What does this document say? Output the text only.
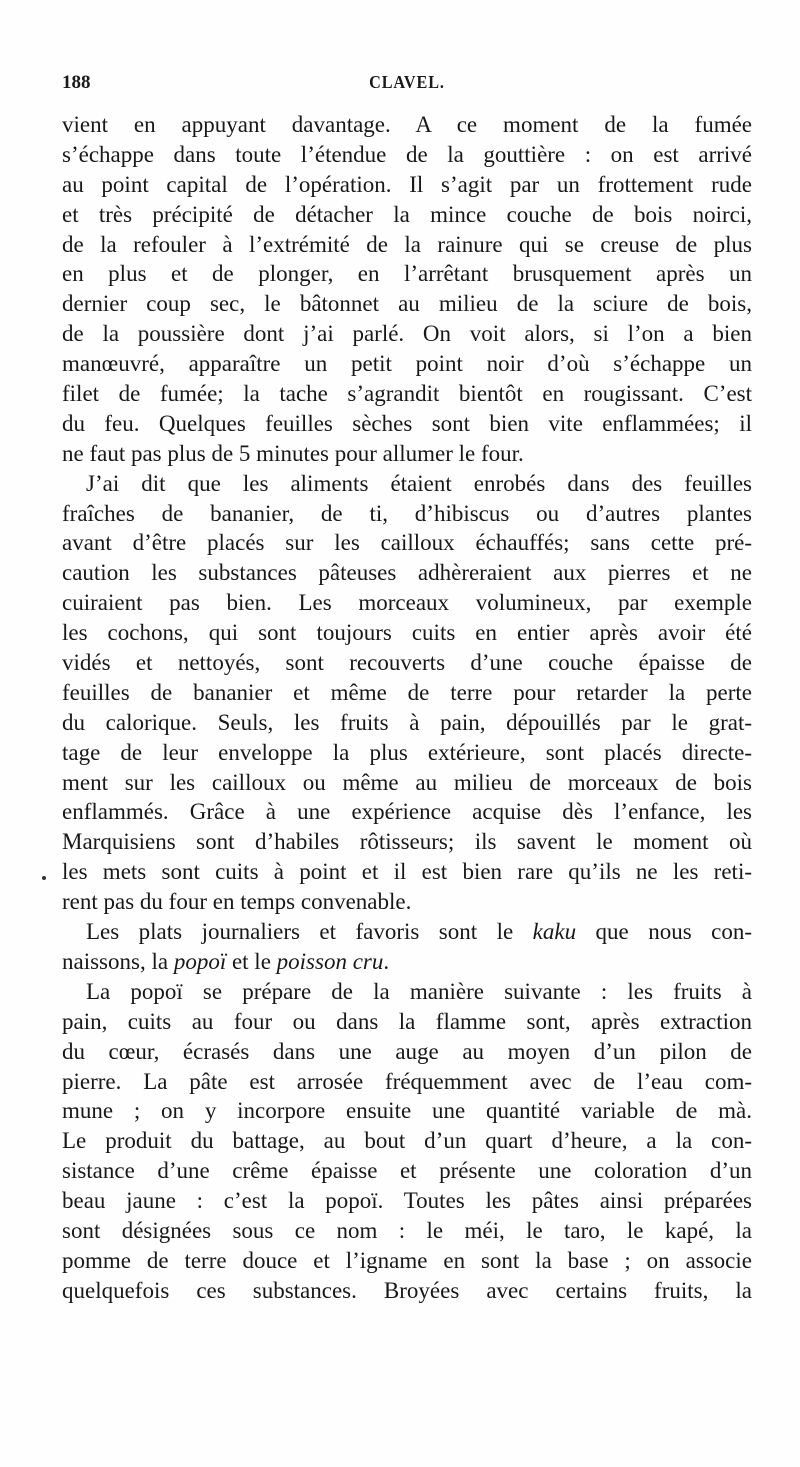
188	CLAVEL.
vient en appuyant davantage. A ce moment de la fumée
s’échappe dans toute l’étendue de la gouttière : on est arrivé
au point capital de l’opération. Il s’agit par un frottement rude
et très précipité de détacher la mince couche de bois noirci,
de la refouler à l’extrémité de la rainure qui se creuse de plus
en plus et de plonger, en l’arrêtant brusquement après un
dernier coup sec, le bâtonnet au milieu de la sciure de bois,
de la poussière dont j’ai parlé. On voit alors, si l’on a bien
manœuvré, apparaître un petit point noir d’où s’échappe un
filet de fumée; la tache s’agrandit bientôt en rougissant. C’est
du feu. Quelques feuilles sèches sont bien vite enflammées; il
ne faut pas plus de 5 minutes pour allumer le four.
J’ai dit que les aliments étaient enrobés dans des feuilles
fraîches de bananier, de ti, d’hibiscus ou d’autres plantes
avant d’être placés sur les cailloux échauffés; sans cette pré-
caution les substances pâteuses adhèreraient aux pierres et ne
cuiraient pas bien. Les morceaux volumineux, par exemple
les cochons, qui sont toujours cuits en entier après avoir été
vidés et nettoyés, sont recouverts d’une couche épaisse de
feuilles de bananier et même de terre pour retarder la perte
du calorique. Seuls, les fruits à pain, dépouillés par le grat-
tage de leur enveloppe la plus extérieure, sont placés directe-
ment sur les cailloux ou même au milieu de morceaux de bois
enflammés. Grâce à une expérience acquise dès l’enfance, les
Marquisiens sont d’habiles rôtisseurs; ils savent le moment où
les mets sont cuits à point et il est bien rare qu’ils ne les reti-
rent pas du four en temps convenable.
Les plats journaliers et favoris sont le kaku que nous con-
naissons, la popoï et le poisson cru.
La popoï se prépare de la manière suivante : les fruits à
pain, cuits au four ou dans la flamme sont, après extraction
du cœur, écrasés dans une auge au moyen d’un pilon de
pierre. La pâte est arrosée fréquemment avec de l’eau com-
mune ; on y incorpore ensuite une quantité variable de mà.
Le produit du battage, au bout d’un quart d’heure, a la con-
sistance d’une crême épaisse et présente une coloration d’un
beau jaune : c’est la popoï. Toutes les pâtes ainsi préparées
sont désignées sous ce nom : le méi, le taro, le kapé, la
pomme de terre douce et l’igname en sont la base ; on associe
quelquefois ces substances. Broyées avec certains fruits, la
